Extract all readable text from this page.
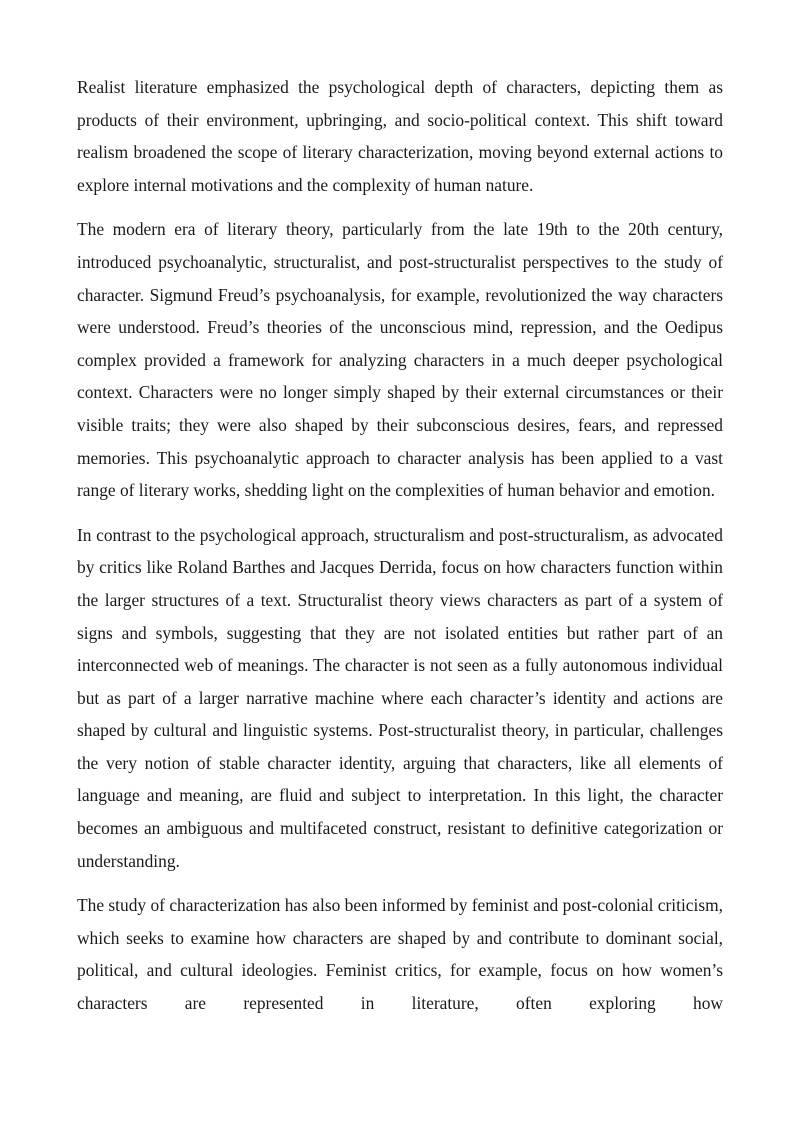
Realist literature emphasized the psychological depth of characters, depicting them as products of their environment, upbringing, and socio-political context. This shift toward realism broadened the scope of literary characterization, moving beyond external actions to explore internal motivations and the complexity of human nature.

The modern era of literary theory, particularly from the late 19th to the 20th century, introduced psychoanalytic, structuralist, and post-structuralist perspectives to the study of character. Sigmund Freud’s psychoanalysis, for example, revolutionized the way characters were understood. Freud’s theories of the unconscious mind, repression, and the Oedipus complex provided a framework for analyzing characters in a much deeper psychological context. Characters were no longer simply shaped by their external circumstances or their visible traits; they were also shaped by their subconscious desires, fears, and repressed memories. This psychoanalytic approach to character analysis has been applied to a vast range of literary works, shedding light on the complexities of human behavior and emotion.

In contrast to the psychological approach, structuralism and post-structuralism, as advocated by critics like Roland Barthes and Jacques Derrida, focus on how characters function within the larger structures of a text. Structuralist theory views characters as part of a system of signs and symbols, suggesting that they are not isolated entities but rather part of an interconnected web of meanings. The character is not seen as a fully autonomous individual but as part of a larger narrative machine where each character’s identity and actions are shaped by cultural and linguistic systems. Post-structuralist theory, in particular, challenges the very notion of stable character identity, arguing that characters, like all elements of language and meaning, are fluid and subject to interpretation. In this light, the character becomes an ambiguous and multifaceted construct, resistant to definitive categorization or understanding.

The study of characterization has also been informed by feminist and post-colonial criticism, which seeks to examine how characters are shaped by and contribute to dominant social, political, and cultural ideologies. Feminist critics, for example, focus on how women’s characters are represented in literature, often exploring how
